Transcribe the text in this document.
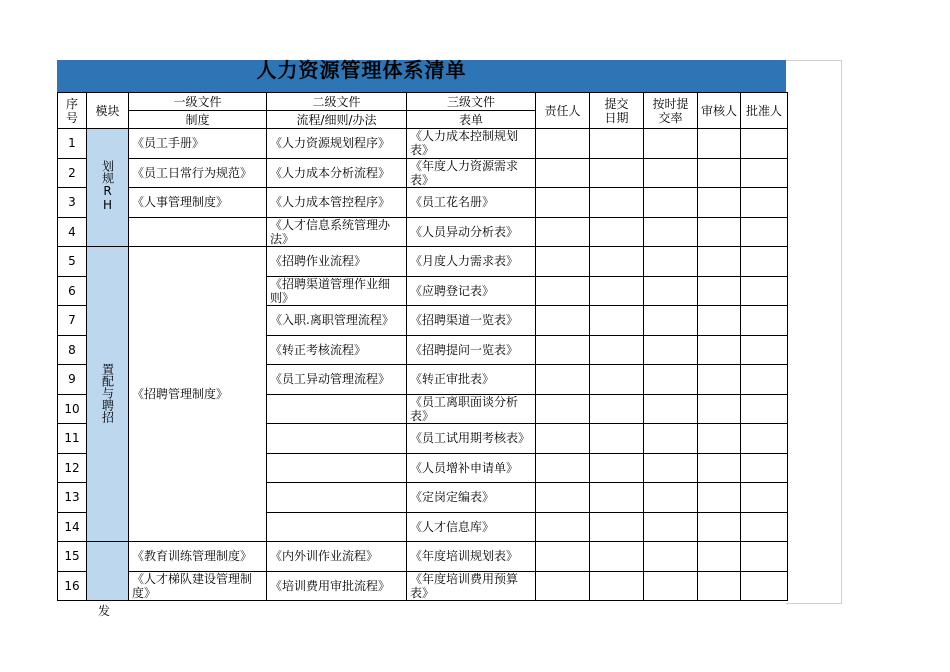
人力资源管理体系清单
序号	模块	一级文件	二级文件	三级文件	责任人	提交日期	按时提交率	审核人	批准人
		制度	流程/细则/办法	表单					
1	划规RH	《员工手册》	《人力资源规划程序》	《人力成本控制规划表》					
2		《员工日常行为规范》	《人力成本分析流程》	《年度人力资源需求表》					
3		《人事管理制度》	《人力成本管控程序》	《员工花名册》					
4			《人才信息系统管理办法》	《人员异动分析表》					
5	置配与聘招	《招聘管理制度》	《招聘作业流程》	《月度人力需求表》					
6			《招聘渠道管理作业细则》	《应聘登记表》					
7			《入职.离职管理流程》	《招聘渠道一览表》					
8			《转正考核流程》	《招聘提问一览表》					
9			《员工异动管理流程》	《转正审批表》					
10				《员工离职面谈分析表》					
11				《员工试用期考核表》					
12				《人员增补申请单》					
13				《定岗定编表》					
14				《人才信息库》					
15		《教育训练管理制度》	《内外训作业流程》	《年度培训规划表》					
16		《人才梯队建设管理制度》	《培训费用审批流程》	《年度培训费用预算表》					
发
